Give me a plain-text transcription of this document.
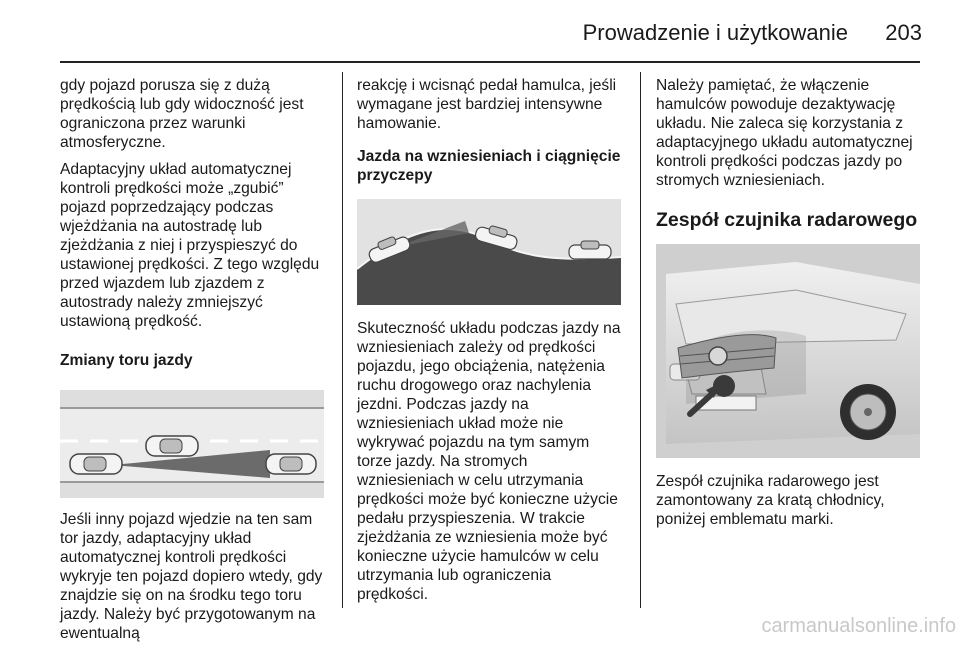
Prowadzenie i użytkowanie 203

gdy pojazd porusza się z dużą prędkością lub gdy widoczność jest ograniczona przez warunki atmosferyczne.

Adaptacyjny układ automatycznej kontroli prędkości może „zgubić” pojazd poprzedzający podczas wjeżdżania na autostradę lub zjeżdżania z niej i przyspieszyć do ustawionej prędkości. Z tego względu przed wjazdem lub zjazdem z autostrady należy zmniejszyć ustawioną prędkość.

Zmiany toru jazdy

Jeśli inny pojazd wjedzie na ten sam tor jazdy, adaptacyjny układ automatycznej kontroli prędkości wykryje ten pojazd dopiero wtedy, gdy znajdzie się on na środku tego toru jazdy. Należy być przygotowanym na ewentualną

reakcję i wcisnąć pedał hamulca, jeśli wymagane jest bardziej intensywne hamowanie.

Jazda na wzniesieniach i ciągnięcie przyczepy

Skuteczność układu podczas jazdy na wzniesieniach zależy od prędkości pojazdu, jego obciążenia, natężenia ruchu drogowego oraz nachylenia jezdni. Podczas jazdy na wzniesieniach układ może nie wykrywać pojazdu na tym samym torze jazdy. Na stromych wzniesieniach w celu utrzymania prędkości może być konieczne użycie pedału przyspieszenia. W trakcie zjeżdżania ze wzniesienia może być konieczne użycie hamulców w celu utrzymania lub ograniczenia prędkości.

Należy pamiętać, że włączenie hamulców powoduje dezaktywację układu. Nie zaleca się korzystania z adaptacyjnego układu automatycznej kontroli prędkości podczas jazdy po stromych wzniesieniach.

Zespół czujnika radarowego

Zespół czujnika radarowego jest zamontowany za kratą chłodnicy, poniżej emblematu marki.

carmanualsonline.info
